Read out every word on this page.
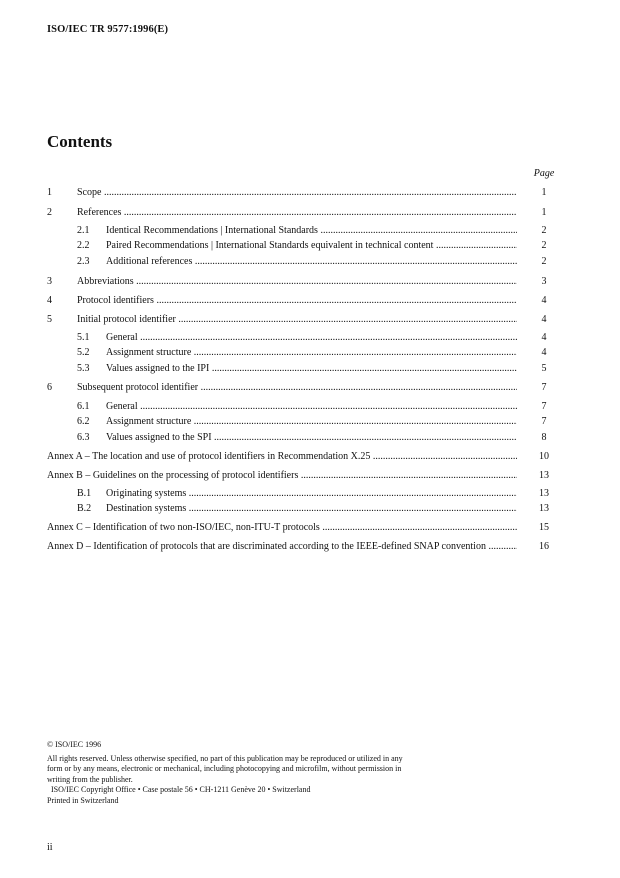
ISO/IEC TR 9577:1996(E)
Contents
Page
1	Scope .....	1
2	References .....	1
2.1 Identical Recommendations | International Standards .....	2
2.2 Paired Recommendations | International Standards equivalent in technical content .....	2
2.3 Additional references .....	2
3	Abbreviations .....	3
4	Protocol identifiers .....	4
5	Initial protocol identifier .....	4
5.1 General .....	4
5.2 Assignment structure .....	4
5.3 Values assigned to the IPI .....	5
6	Subsequent protocol identifier .....	7
6.1 General .....	7
6.2 Assignment structure .....	7
6.3 Values assigned to the SPI .....	8
Annex A – The location and use of protocol identifiers in Recommendation X.25 .....	10
Annex B – Guidelines on the processing of protocol identifiers .....	13
B.1 Originating systems .....	13
B.2 Destination systems .....	13
Annex C – Identification of two non-ISO/IEC, non-ITU-T protocols .....	15
Annex D – Identification of protocols that are discriminated according to the IEEE-defined SNAP convention .....	16

© ISO/IEC 1996

All rights reserved. Unless otherwise specified, no part of this publication may be reproduced or utilized in any form or by any means, electronic or mechanical, including photocopying and microfilm, without permission in writing from the publisher.

ISO/IEC Copyright Office • Case postale 56 • CH-1211 Genève 20 • Switzerland

Printed in Switzerland

ii
